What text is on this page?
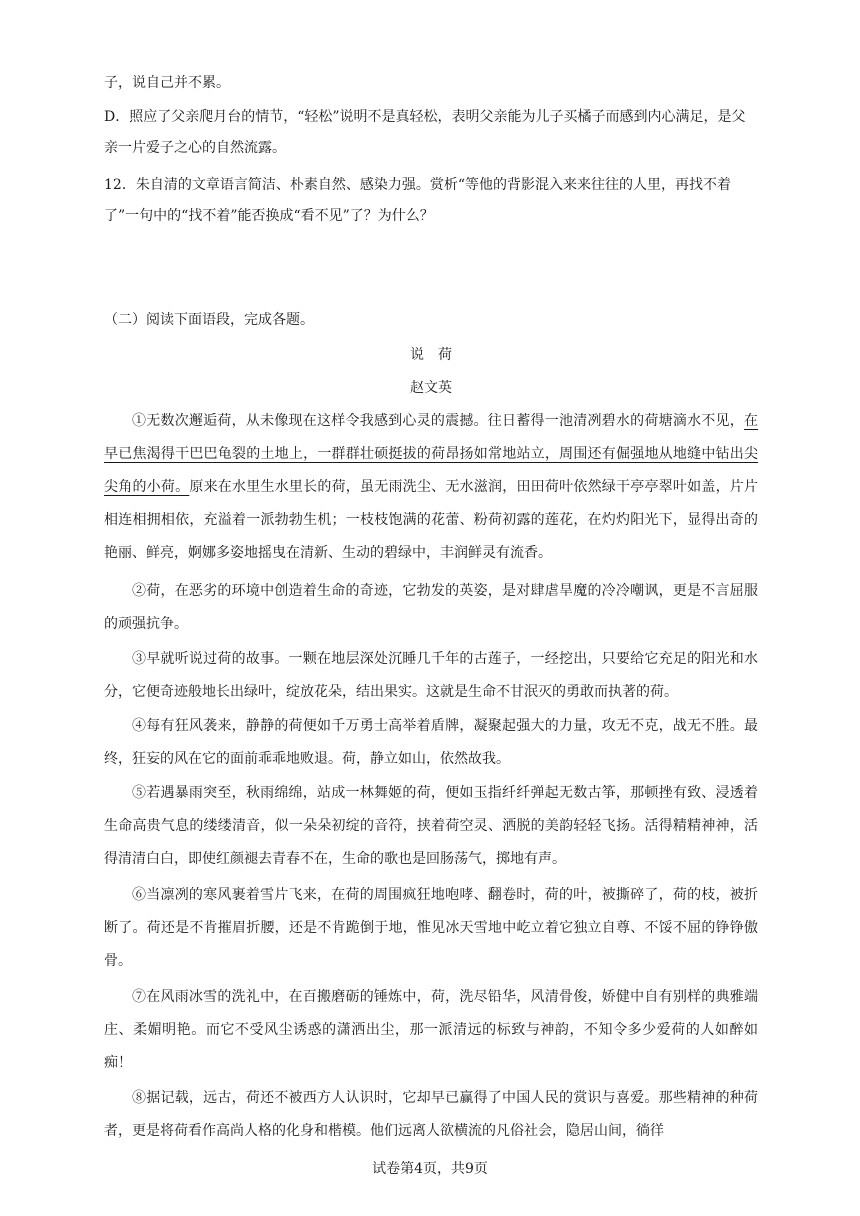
子，说自己并不累。
D．照应了父亲爬月台的情节，“轻松”说明不是真轻松，表明父亲能为儿子买橘子而感到内心满足，是父亲一片爱子之心的自然流露。
12．朱自清的文章语言简洁、朴素自然、感染力强。赏析“等他的背影混入来来往往的人里，再找不着了”一句中的“找不着”能否换成“看不见”了？为什么？
（二）阅读下面语段，完成各题。
说　荷
赵文英
①无数次邂逅荷，从未像现在这样令我感到心灵的震撼。往日蓄得一池清冽碧水的荷塘滴水不见，在早已焦渴得干巴巴龟裂的土地上，一群群壮硕挺拔的荷昂扬如常地站立，周围还有倔强地从地缝中钻出尖尖角的小荷。原来在水里生水里长的荷，虽无雨洗尘、无水滋润，田田荷叶依然绿干亭亭翠叶如盖，片片相连相拥相依，充溢着一派勃勃生机；一枝枝饱满的花蕾、粉荷初露的莲花，在灼灼阳光下，显得出奇的艳丽、鲜亮，婀娜多姿地摇曳在清新、生动的碧绿中，丰润鲜灵有流香。
②荷，在恶劣的环境中创造着生命的奇迹，它勃发的英姿，是对肆虐旱魔的冷冷嘲讽，更是不言屈服的顽强抗争。
③早就听说过荷的故事。一颗在地层深处沉睡几千年的古莲子，一经挖出，只要给它充足的阳光和水分，它便奇迹般地长出绿叶，绽放花朵，结出果实。这就是生命不甘泯灭的勇敢而执著的荷。
④每有狂风袭来，静静的荷便如千万勇士高举着盾牌，凝聚起强大的力量，攻无不克，战无不胜。最终，狂妄的风在它的面前乖乖地败退。荷，静立如山，依然故我。
⑤若遇暴雨突至，秋雨绵绵，站成一林舞姬的荷，便如玉指纤纤弹起无数古筝，那顿挫有致、浸透着生命高贵气息的缕缕清音，似一朵朵初绽的音符，挟着荷空灵、洒脱的美韵轻轻飞扬。活得精精神神，活得清清白白，即使红颜褪去青春不在，生命的歌也是回肠荡气，掷地有声。
⑥当凛冽的寒风裹着雪片飞来，在荷的周围疯狂地咆哮、翻卷时，荷的叶，被撕碎了，荷的枝，被折断了。荷还是不肯摧眉折腰，还是不肯跪倒于地，惟见冰天雪地中屹立着它独立自尊、不馁不屈的铮铮傲骨。
⑦在风雨冰雪的洗礼中，在百搬磨砺的锤炼中，荷，洗尽铅华，风清骨俊，娇健中自有别样的典雅端庄、柔媚明艳。而它不受风尘诱惑的潇洒出尘，那一派清远的标致与神韵，不知令多少爱荷的人如醉如痴！
⑧据记载，远古，荷还不被西方人认识时，它却早已赢得了中国人民的赏识与喜爱。那些精神的种荷者，更是将荷看作高尚人格的化身和楷模。他们远离人欲横流的凡俗社会，隐居山间，徜徉
试卷第4页，共9页
